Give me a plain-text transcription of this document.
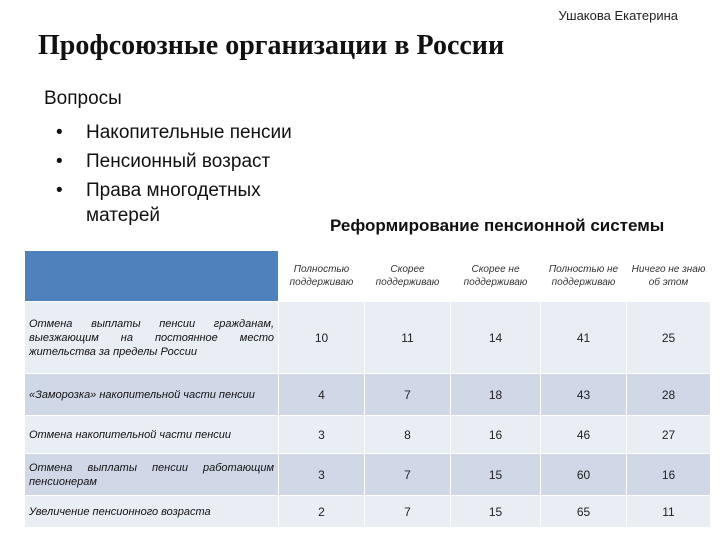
Ушакова Екатерина
Профсоюзные организации в России
Вопросы
• Накопительные пенсии
• Пенсионный возраст
• Права многодетных матерей	Реформирование пенсионной системы
	Полностью поддерживаю	Скорее поддерживаю	Скорее не поддерживаю	Полностью не поддерживаю	Ничего не знаю об этом
Отмена выплаты пенсии гражданам, выезжающим на постоянное место жительства за пределы России	10	11	14	41	25
«Заморозка» накопительной части пенсии	4	7	18	43	28
Отмена накопительной части пенсии	3	8	16	46	27
Отмена выплаты пенсии работающим пенсионерам	3	7	15	60	16
Увеличение пенсионного возраста	2	7	15	65	11
